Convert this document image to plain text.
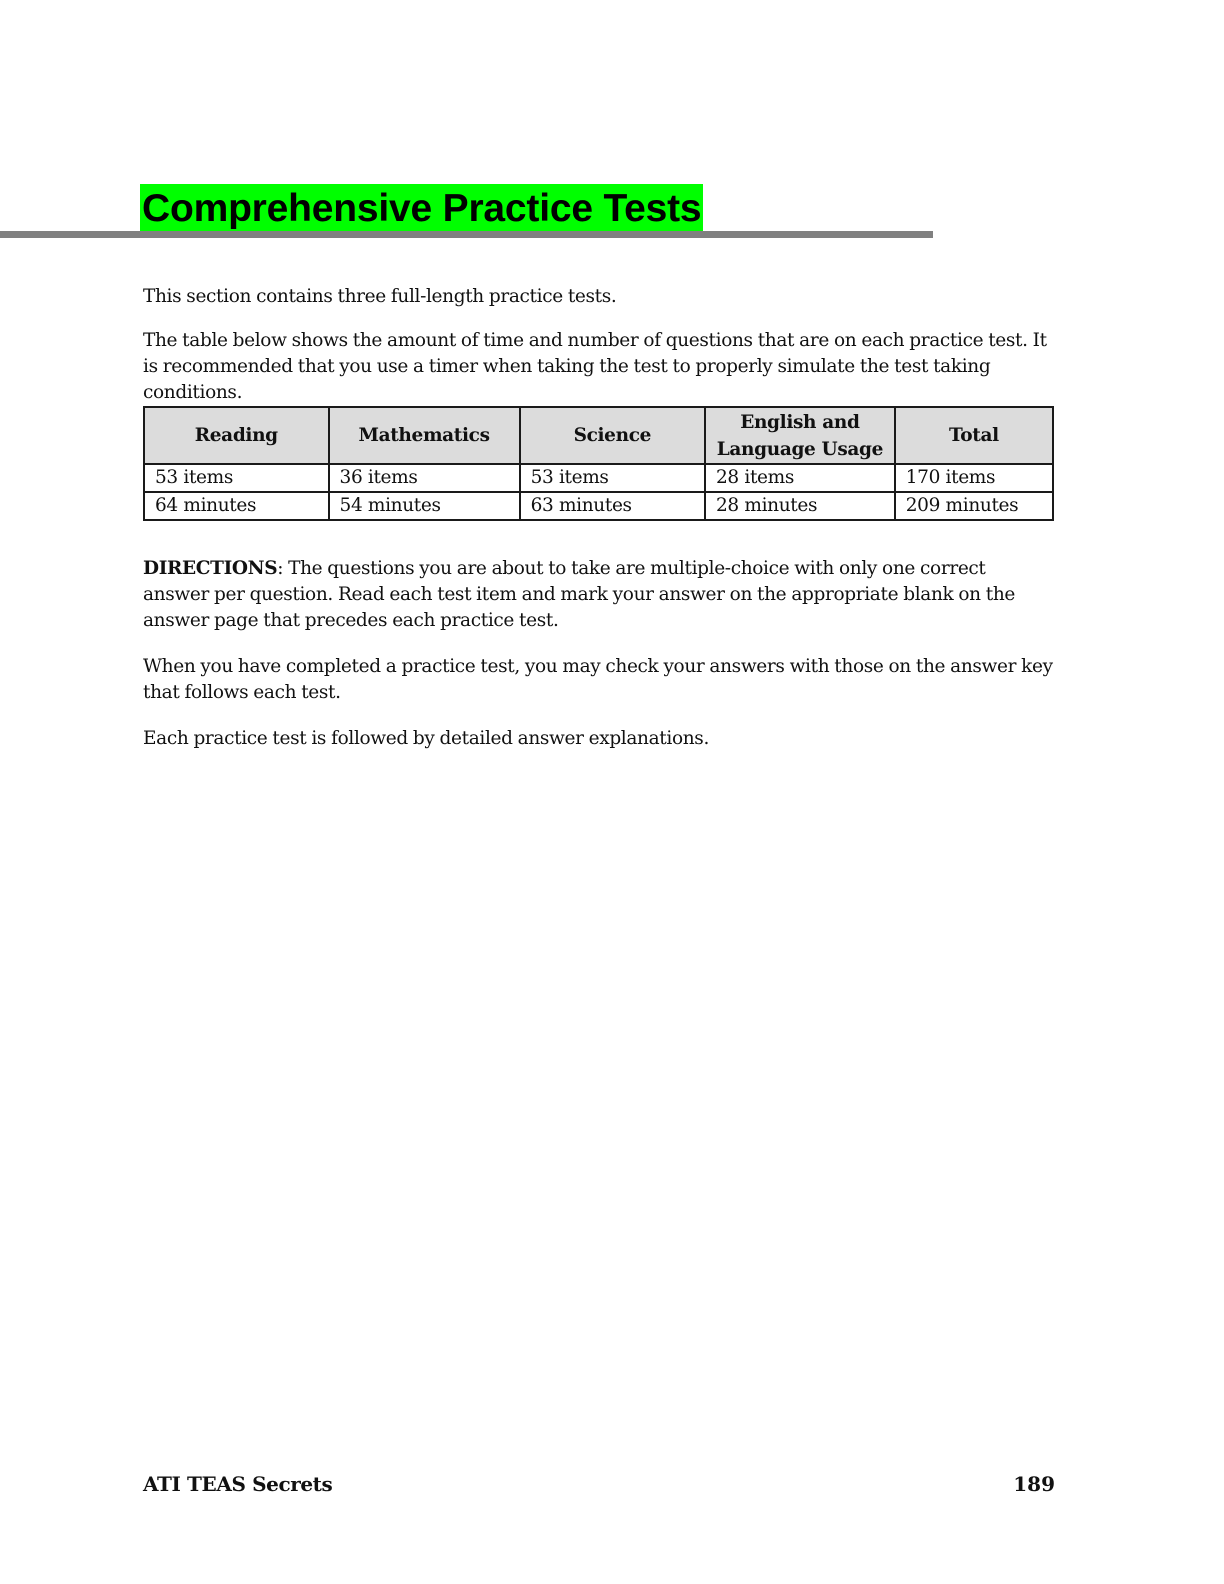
Comprehensive Practice Tests

This section contains three full-length practice tests.

The table below shows the amount of time and number of questions that are on each practice test. It is recommended that you use a timer when taking the test to properly simulate the test taking conditions.

Reading	Mathematics	Science	English and Language Usage	Total
53 items	36 items	53 items	28 items	170 items
64 minutes	54 minutes	63 minutes	28 minutes	209 minutes

DIRECTIONS: The questions you are about to take are multiple-choice with only one correct answer per question. Read each test item and mark your answer on the appropriate blank on the answer page that precedes each practice test.

When you have completed a practice test, you may check your answers with those on the answer key that follows each test.

Each practice test is followed by detailed answer explanations.

ATI TEAS Secrets	189
